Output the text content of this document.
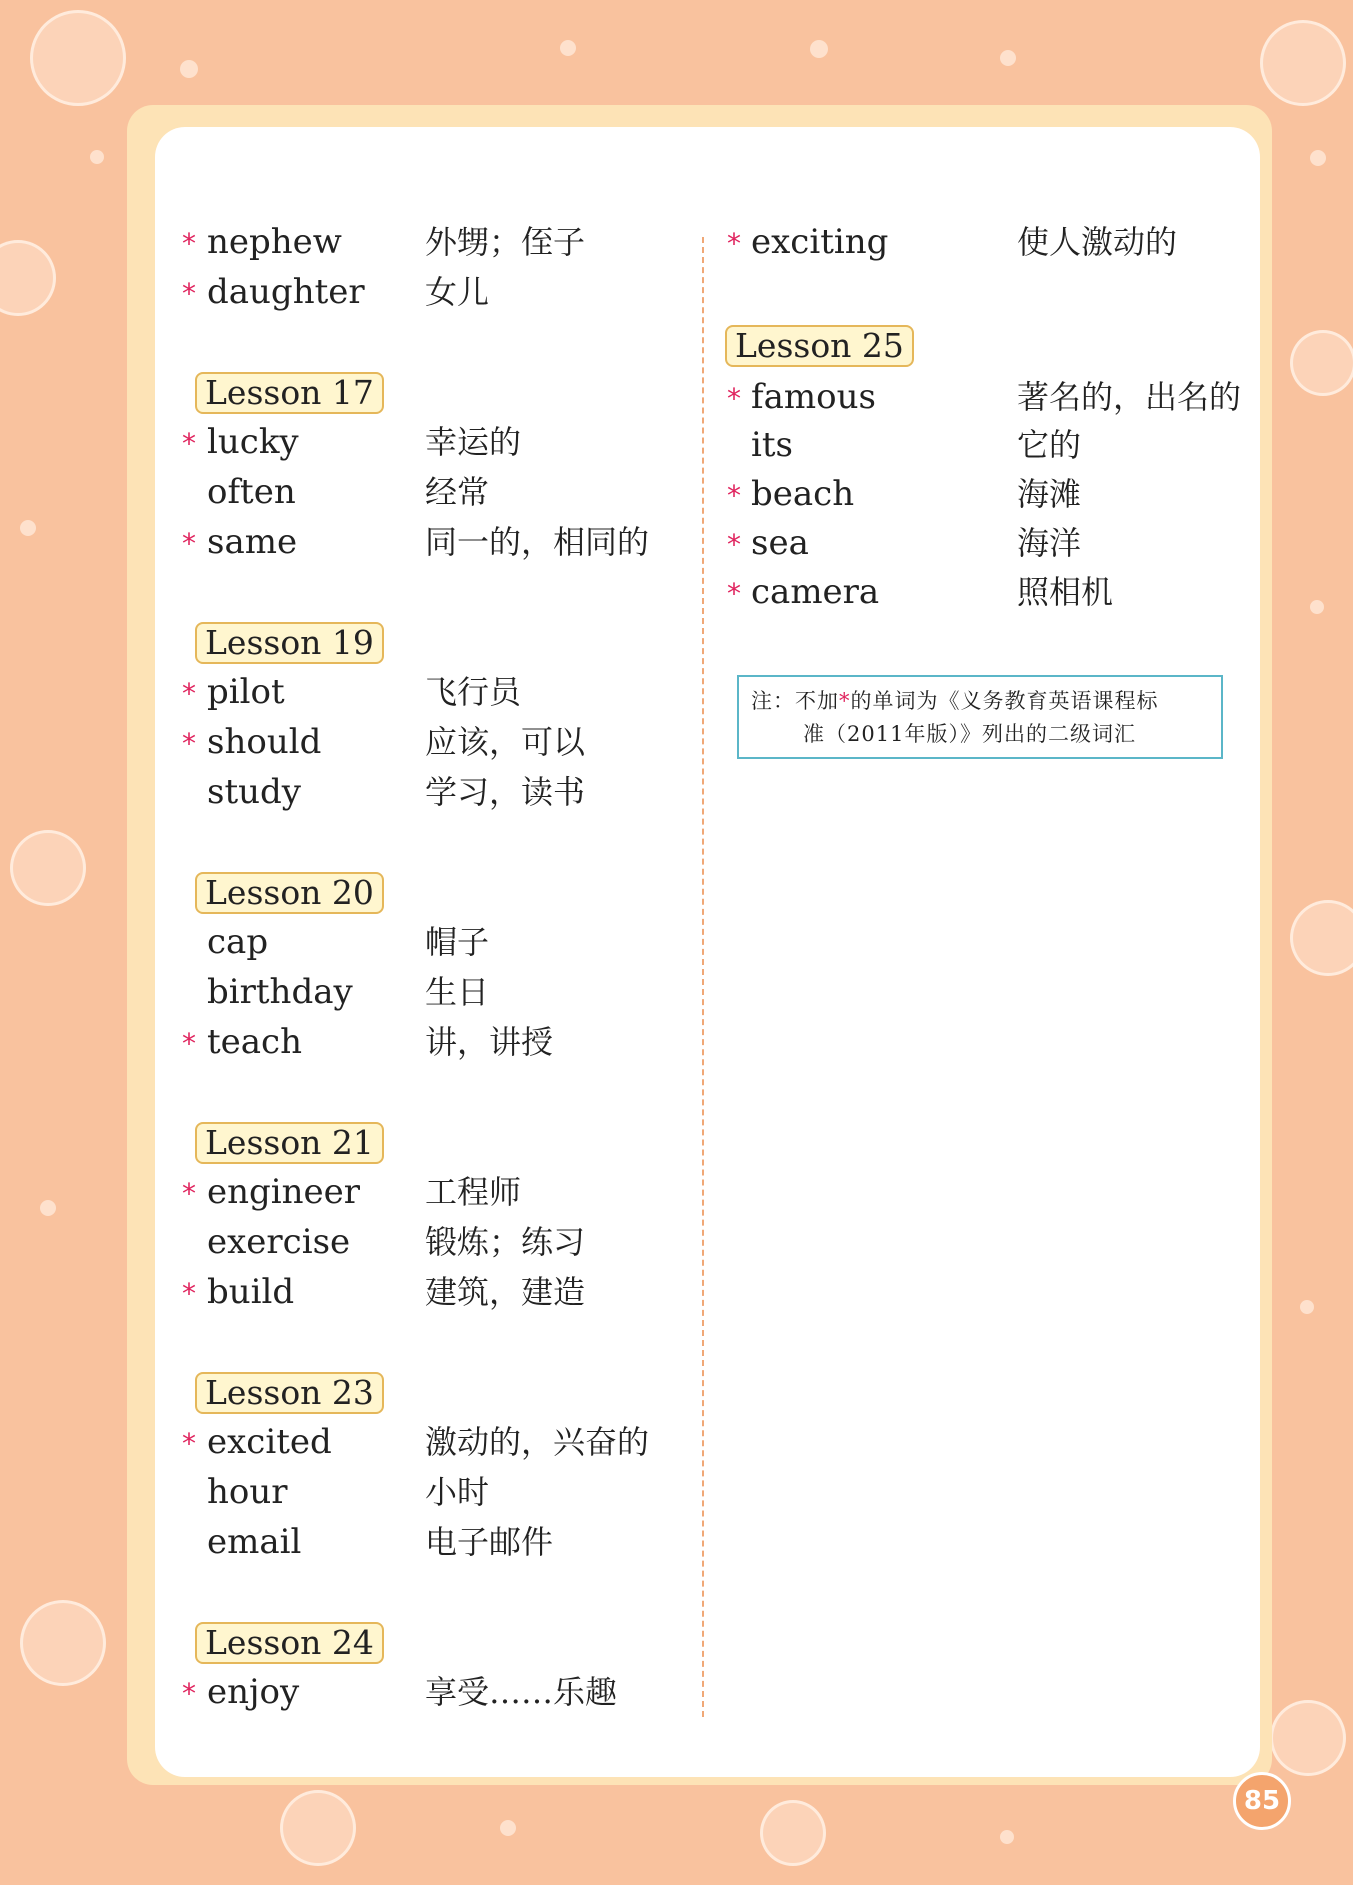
* nephew	外甥；侄子
* daughter 女儿
Lesson 17
* lucky	幸运的
often	经常
* same	同一的，相同的
Lesson 19
* pilot	飞行员
* should	应该，可以
study	学习，读书
Lesson 20
cap	帽子
birthday 生日
* teach	讲，讲授
Lesson 21
* engineer 工程师
exercise 锻炼；练习
* build	建筑，建造
Lesson 23
* excited	激动的，兴奋的
hour	小时
email	电子邮件
Lesson 24
* enjoy	享受……乐趣
* exciting	使人激动的
Lesson 25
* famous	著名的，出名的
its	它的
* beach	海滩
* sea	海洋
* camera	照相机
注：不加*的单词为《义务教育英语课程标
准（2011年版）》列出的二级词汇
85
